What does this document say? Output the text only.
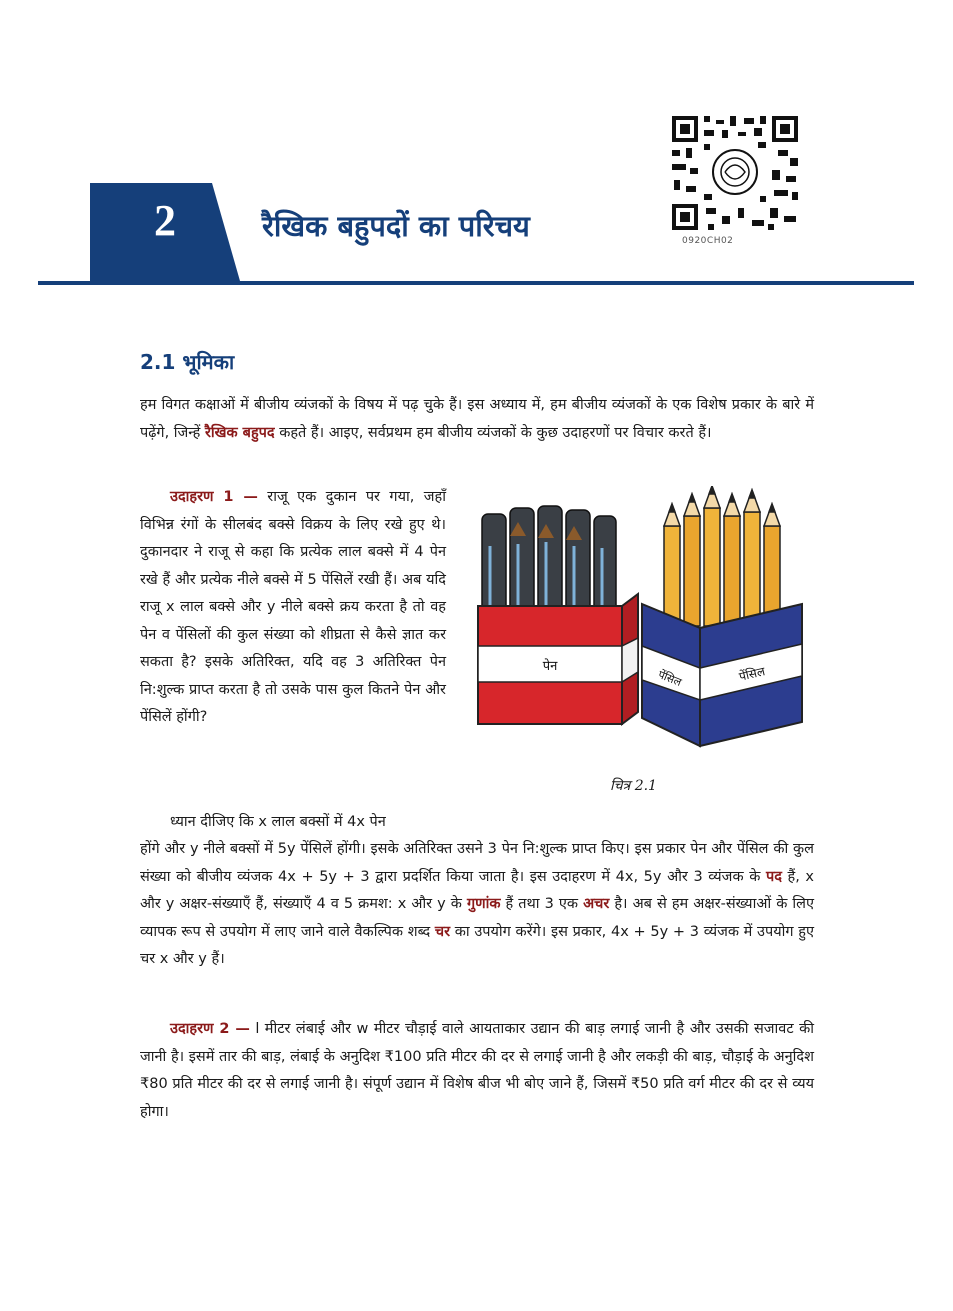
0920CH02
2	रैखिक बहुपदों का परिचय
2.1 भूमिका
हम विगत कक्षाओं में बीजीय व्यंजकों के विषय में पढ़ चुके हैं। इस अध्याय में, हम बीजीय व्यंजकों के एक विशेष प्रकार के बारे में पढ़ेंगे, जिन्हें रैखिक बहुपद कहते हैं। आइए, सर्वप्रथम हम बीजीय व्यंजकों के कुछ उदाहरणों पर विचार करते हैं।
उदाहरण 1 — राजू एक दुकान पर गया, जहाँ विभिन्न रंगों के सीलबंद बक्से विक्रय के लिए रखे हुए थे। दुकानदार ने राजू से कहा कि प्रत्येक लाल बक्से में 4 पेन रखे हैं और प्रत्येक नीले बक्से में 5 पेंसिलें रखी हैं। अब यदि राजू x लाल बक्से और y नीले बक्से क्रय करता है तो वह पेन व पेंसिलों की कुल संख्या को शीघ्रता से कैसे ज्ञात कर सकता है? इसके अतिरिक्त, यदि वह 3 अतिरिक्त पेन नि:शुल्क प्राप्त करता है तो उसके पास कुल कितने पेन और पेंसिलें होंगी?
पेन
पेंसिल	पेंसिल
चित्र 2.1
ध्यान दीजिए कि x लाल बक्सों में 4x पेन
होंगे और y नीले बक्सों में 5y पेंसिलें होंगी। इसके अतिरिक्त उसने 3 पेन नि:शुल्क प्राप्त किए। इस प्रकार पेन और पेंसिल की कुल संख्या को बीजीय व्यंजक 4x + 5y + 3 द्वारा प्रदर्शित किया जाता है। इस उदाहरण में 4x, 5y और 3 व्यंजक के पद हैं, x और y अक्षर-संख्याएँ हैं, संख्याएँ 4 व 5 क्रमश: x और y के गुणांक हैं तथा 3 एक अचर है। अब से हम अक्षर-संख्याओं के लिए व्यापक रूप से उपयोग में लाए जाने वाले वैकल्पिक शब्द चर का उपयोग करेंगे। इस प्रकार, 4x + 5y + 3 व्यंजक में उपयोग हुए चर x और y हैं।
उदाहरण 2 — l मीटर लंबाई और w मीटर चौड़ाई वाले आयताकार उद्यान की बाड़ लगाई जानी है और उसकी सजावट की जानी है। इसमें तार की बाड़, लंबाई के अनुदिश ₹100 प्रति मीटर की दर से लगाई जानी है और लकड़ी की बाड़, चौड़ाई के अनुदिश ₹80 प्रति मीटर की दर से लगाई जानी है। संपूर्ण उद्यान में विशेष बीज भी बोए जाने हैं, जिसमें ₹50 प्रति वर्ग मीटर की दर से व्यय होगा।
